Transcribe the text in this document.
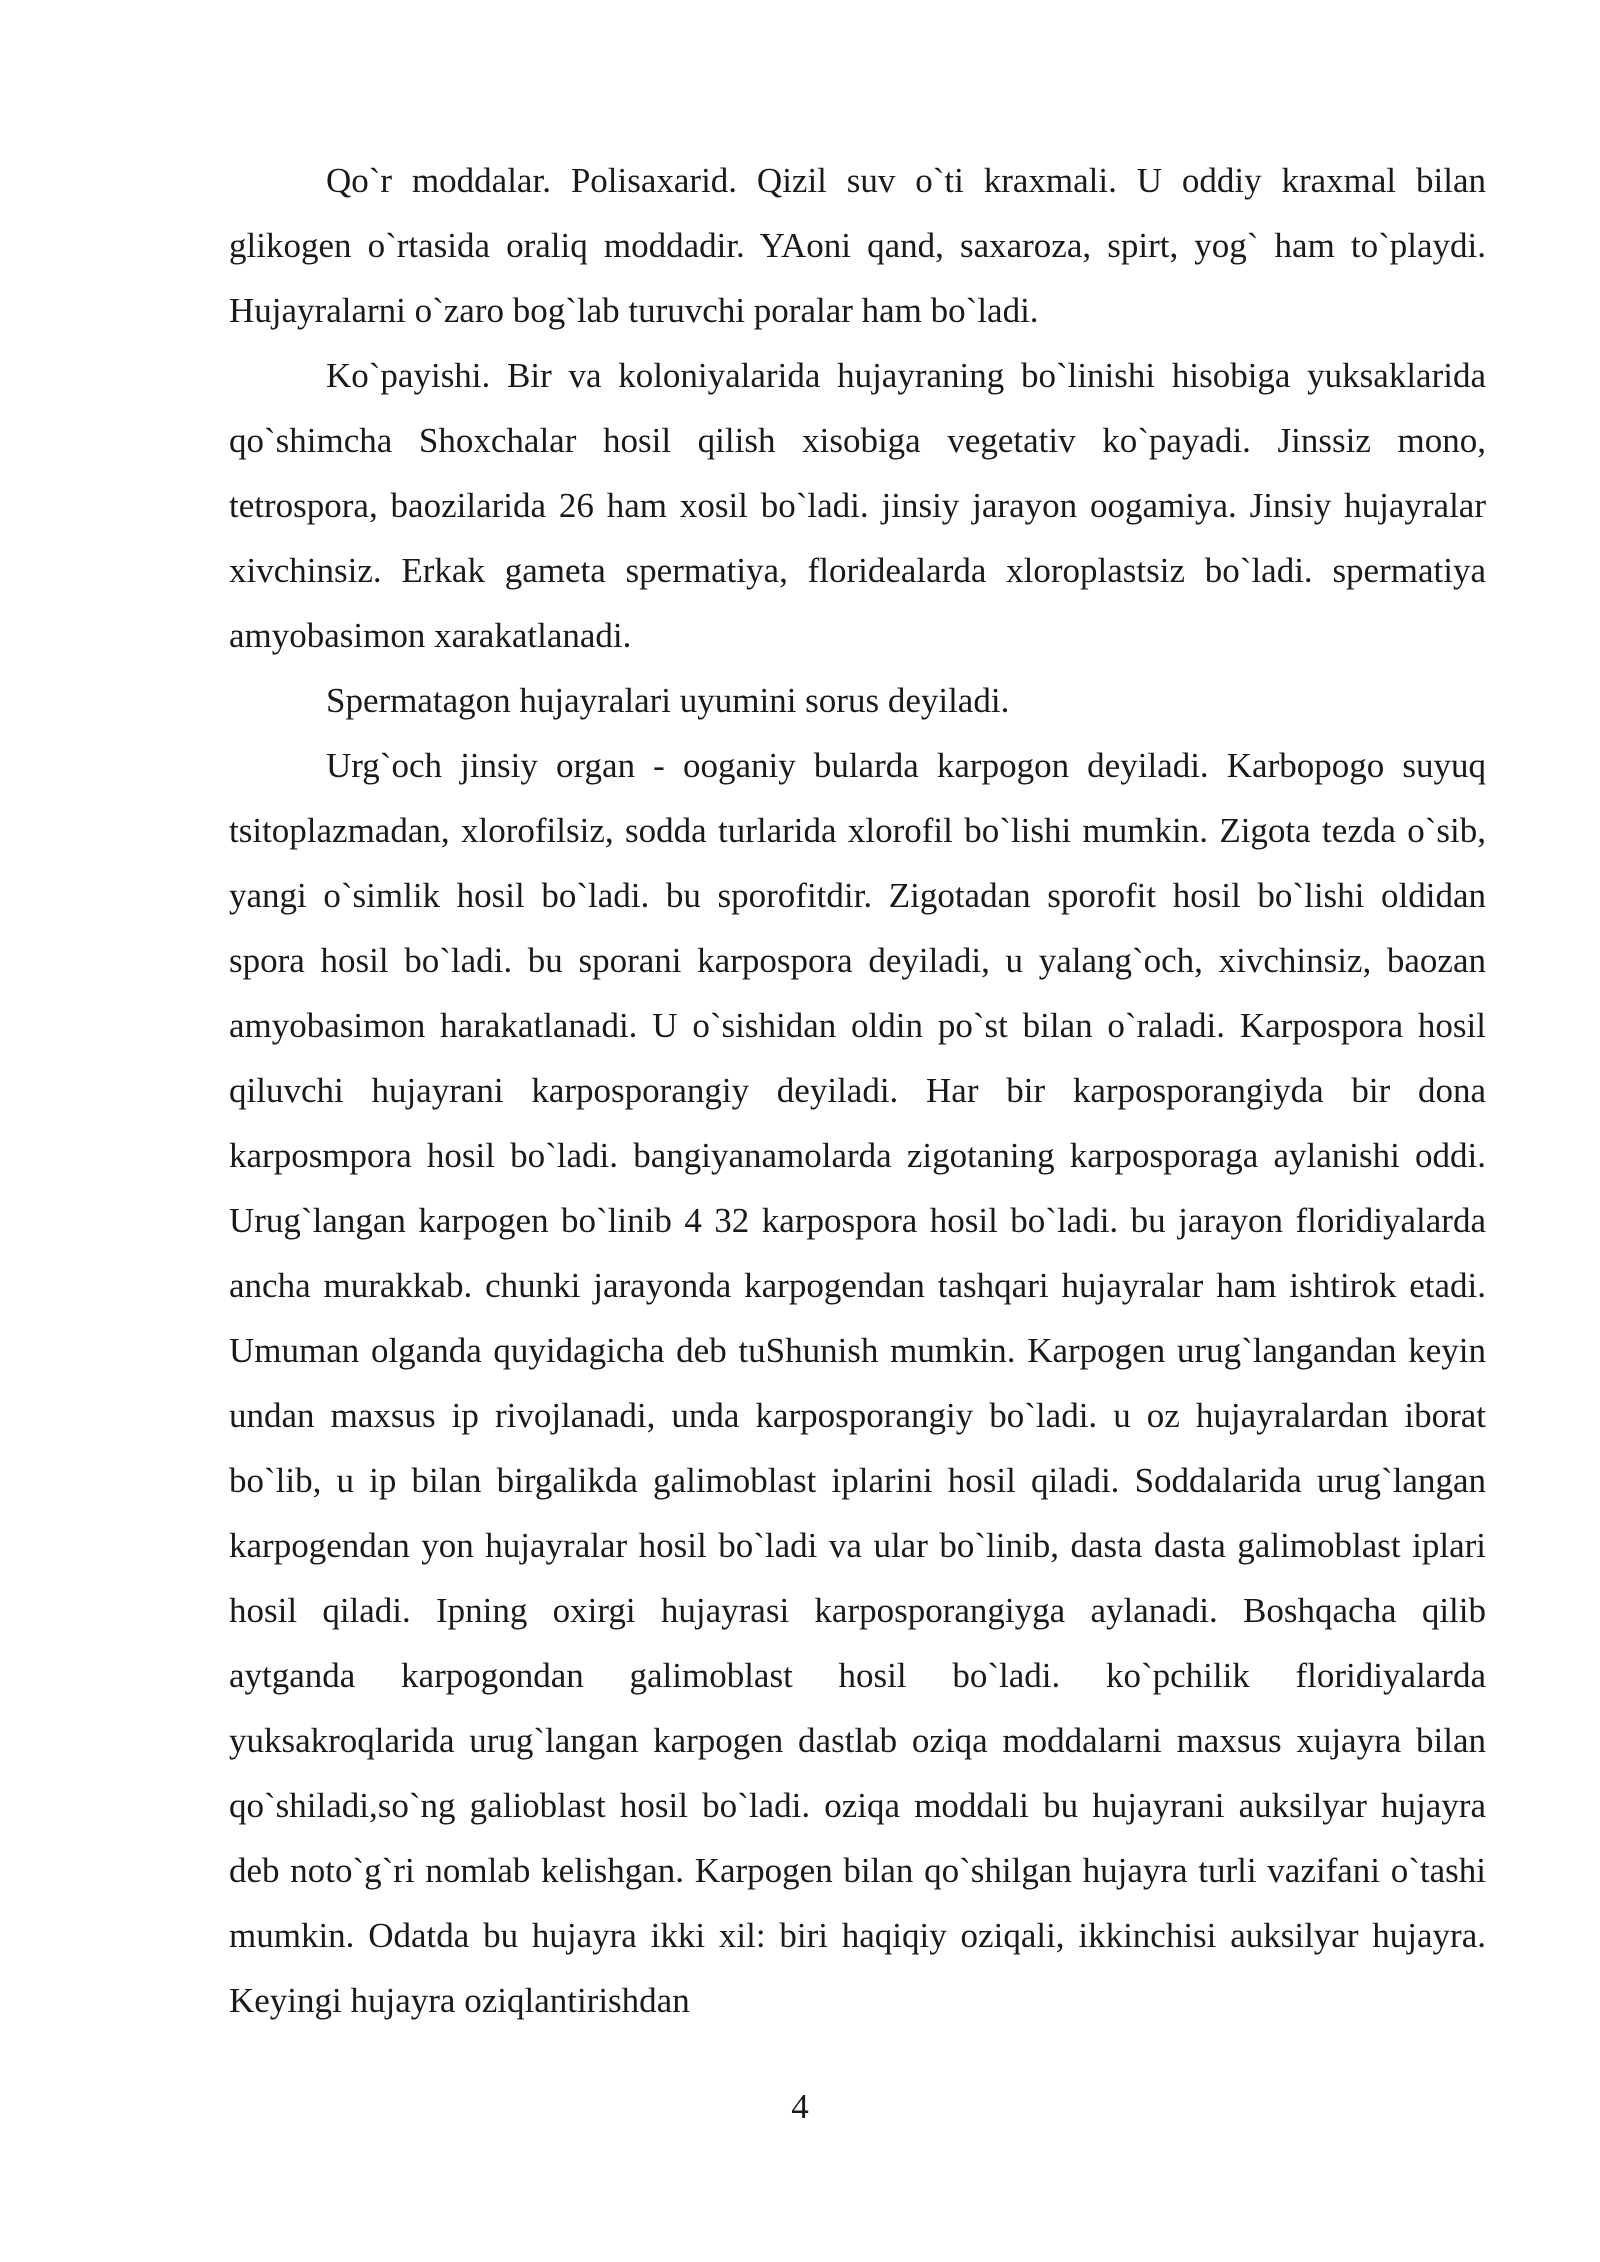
Qo`r moddalar. Polisaxarid. Qizil suv o`ti kraxmali. U oddiy kraxmal bilan glikogen o`rtasida oraliq moddadir. YAoni qand, saxaroza, spirt, yog` ham to`playdi. Hujayralarni o`zaro bog`lab turuvchi poralar ham bo`ladi.

Ko`payishi. Bir va koloniyalarida hujayraning bo`linishi hisobiga yuksaklarida qo`shimcha Shoxchalar hosil qilish xisobiga vegetativ ko`payadi. Jinssiz mono, tetrospora, baozilarida 26 ham xosil bo`ladi. jinsiy jarayon oogamiya. Jinsiy hujayralar xivchinsiz. Erkak gameta spermatiya, floridealarda xloroplastsiz bo`ladi. spermatiya amyobasimon xarakatlanadi.

Spermatagon hujayralari uyumini sorus deyiladi.

Urg`och jinsiy organ - ooganiy bularda karpogon deyiladi. Karbopogo suyuq tsitoplazmadan, xlorofilsiz, sodda turlarida xlorofil bo`lishi mumkin. Zigota tezda o`sib, yangi o`simlik hosil bo`ladi. bu sporofitdir. Zigotadan sporofit hosil bo`lishi oldidan spora hosil bo`ladi. bu sporani karpospora deyiladi, u yalang`och, xivchinsiz, baozan amyobasimon harakatlanadi. U o`sishidan oldin po`st bilan o`raladi. Karpospora hosil qiluvchi hujayrani karposporangiy deyiladi. Har bir karposporangiyda bir dona karposmpora hosil bo`ladi. bangiyanamolarda zigotaning karposporaga aylanishi oddi. Urug`langan karpogen bo`linib 4 32 karpospora hosil bo`ladi. bu jarayon floridiyalarda ancha murakkab. chunki jarayonda karpogendan tashqari hujayralar ham ishtirok etadi. Umuman olganda quyidagicha deb tuShunish mumkin. Karpogen urug`langandan keyin undan maxsus ip rivojlanadi, unda karposporangiy bo`ladi. u oz hujayralardan iborat bo`lib, u ip bilan birgalikda galimoblast iplarini hosil qiladi. Soddalarida urug`langan karpogendan yon hujayralar hosil bo`ladi va ular bo`linib, dasta dasta galimoblast iplari hosil qiladi. Ipning oxirgi hujayrasi karposporangiyga aylanadi. Boshqacha qilib aytganda karpogondan galimoblast hosil bo`ladi. ko`pchilik floridiyalarda yuksakroqlarida urug`langan karpogen dastlab oziqa moddalarni maxsus xujayra bilan qo`shiladi,so`ng galioblast hosil bo`ladi. oziqa moddali bu hujayrani auksilyar hujayra deb noto`g`ri nomlab kelishgan. Karpogen bilan qo`shilgan hujayra turli vazifani o`tashi mumkin. Odatda bu hujayra ikki xil: biri haqiqiy oziqali, ikkinchisi auksilyar hujayra. Keyingi hujayra oziqlantirishdan

4
